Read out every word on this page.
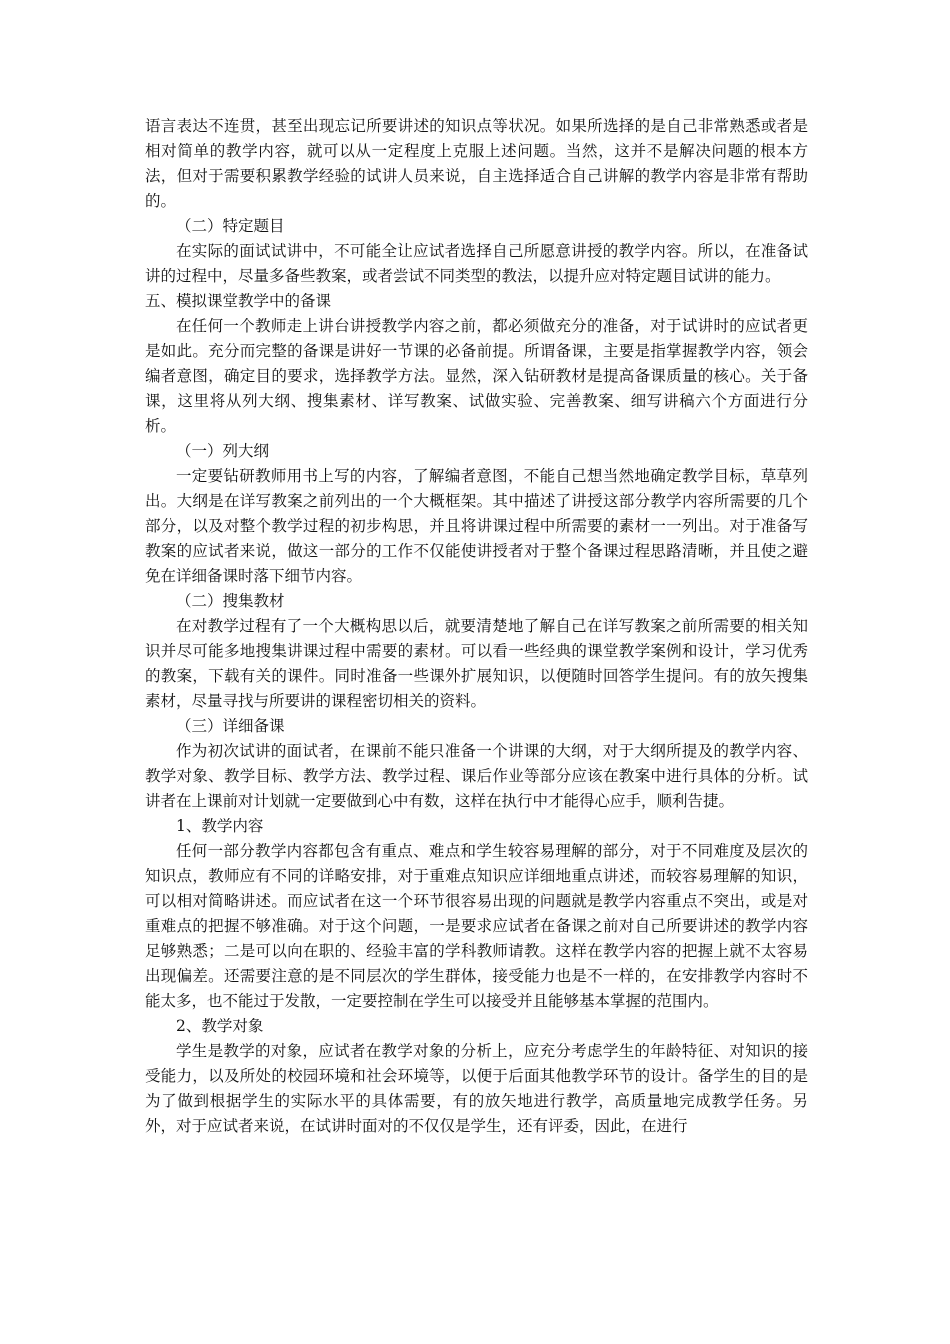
语言表达不连贯，甚至出现忘记所要讲述的知识点等状况。如果所选择的是自己非常熟悉或者是相对简单的教学内容，就可以从一定程度上克服上述问题。当然，这并不是解决问题的根本方法，但对于需要积累教学经验的试讲人员来说，自主选择适合自己讲解的教学内容是非常有帮助的。

（二）特定题目

在实际的面试试讲中，不可能全让应试者选择自己所愿意讲授的教学内容。所以，在准备试讲的过程中，尽量多备些教案，或者尝试不同类型的教法，以提升应对特定题目试讲的能力。

五、模拟课堂教学中的备课

在任何一个教师走上讲台讲授教学内容之前，都必须做充分的准备，对于试讲时的应试者更是如此。充分而完整的备课是讲好一节课的必备前提。所谓备课，主要是指掌握教学内容，领会编者意图，确定目的要求，选择教学方法。显然，深入钻研教材是提高备课质量的核心。关于备课，这里将从列大纲、搜集素材、详写教案、试做实验、完善教案、细写讲稿六个方面进行分析。

（一）列大纲

一定要钻研教师用书上写的内容，了解编者意图，不能自己想当然地确定教学目标，草草列出。大纲是在详写教案之前列出的一个大概框架。其中描述了讲授这部分教学内容所需要的几个部分，以及对整个教学过程的初步构思，并且将讲课过程中所需要的素材一一列出。对于准备写教案的应试者来说，做这一部分的工作不仅能使讲授者对于整个备课过程思路清晰，并且使之避免在详细备课时落下细节内容。

（二）搜集教材

在对教学过程有了一个大概构思以后，就要清楚地了解自己在详写教案之前所需要的相关知识并尽可能多地搜集讲课过程中需要的素材。可以看一些经典的课堂教学案例和设计，学习优秀的教案，下载有关的课件。同时准备一些课外扩展知识，以便随时回答学生提问。有的放矢搜集素材，尽量寻找与所要讲的课程密切相关的资料。

（三）详细备课

作为初次试讲的面试者，在课前不能只准备一个讲课的大纲，对于大纲所提及的教学内容、教学对象、教学目标、教学方法、教学过程、课后作业等部分应该在教案中进行具体的分析。试讲者在上课前对计划就一定要做到心中有数，这样在执行中才能得心应手，顺利告捷。

1、教学内容

任何一部分教学内容都包含有重点、难点和学生较容易理解的部分，对于不同难度及层次的知识点，教师应有不同的详略安排，对于重难点知识应详细地重点讲述，而较容易理解的知识，可以相对简略讲述。而应试者在这一个环节很容易出现的问题就是教学内容重点不突出，或是对重难点的把握不够准确。对于这个问题，一是要求应试者在备课之前对自己所要讲述的教学内容足够熟悉；二是可以向在职的、经验丰富的学科教师请教。这样在教学内容的把握上就不太容易出现偏差。还需要注意的是不同层次的学生群体，接受能力也是不一样的，在安排教学内容时不能太多，也不能过于发散，一定要控制在学生可以接受并且能够基本掌握的范围内。

2、教学对象

学生是教学的对象，应试者在教学对象的分析上，应充分考虑学生的年龄特征、对知识的接受能力，以及所处的校园环境和社会环境等，以便于后面其他教学环节的设计。备学生的目的是为了做到根据学生的实际水平的具体需要，有的放矢地进行教学，高质量地完成教学任务。另外，对于应试者来说，在试讲时面对的不仅仅是学生，还有评委，因此，在进行
